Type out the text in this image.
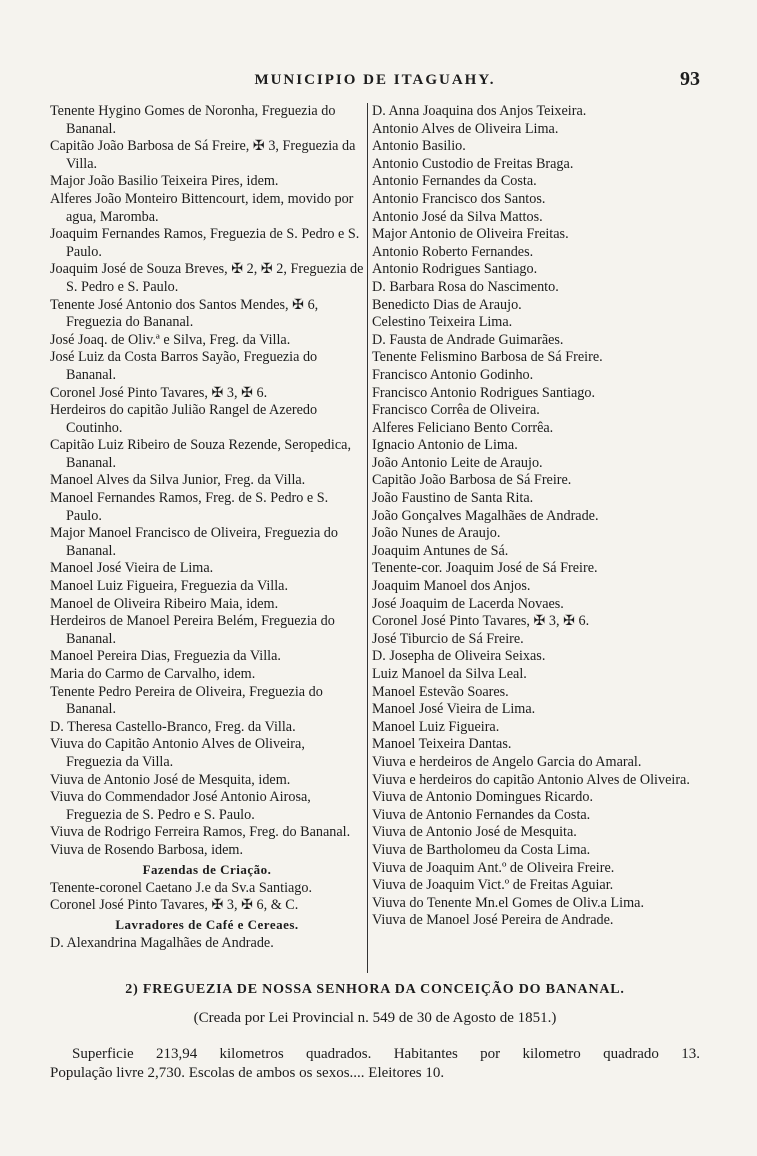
MUNICIPIO DE ITAGUAHY.	93
Tenente Hygino Gomes de Noronha, Freguezia do Bananal.
Capitão João Barbosa de Sá Freire, ✠ 3, Freguezia da Villa.
Major João Basilio Teixeira Pires, idem.
Alferes João Monteiro Bittencourt, idem, movido por agua, Maromba.
Joaquim Fernandes Ramos, Freguezia de S. Pedro e S. Paulo.
Joaquim José de Souza Breves, ✠ 2, ✠ 2, Freguezia de S. Pedro e S. Paulo.
Tenente José Antonio dos Santos Mendes, ✠ 6, Freguezia do Bananal.
José Joaq. de Oliv.ª e Silva, Freg. da Villa.
José Luiz da Costa Barros Sayão, Freguezia do Bananal.
Coronel José Pinto Tavares, ✠ 3, ✠ 6.
Herdeiros do capitão Julião Rangel de Azeredo Coutinho.
Capitão Luiz Ribeiro de Souza Rezende, Seropedica, Bananal.
Manoel Alves da Silva Junior, Freg. da Villa.
Manoel Fernandes Ramos, Freg. de S. Pedro e S. Paulo.
Major Manoel Francisco de Oliveira, Freguezia do Bananal.
Manoel José Vieira de Lima.
Manoel Luiz Figueira, Freguezia da Villa.
Manoel de Oliveira Ribeiro Maia, idem.
Herdeiros de Manoel Pereira Belém, Freguezia do Bananal.
Manoel Pereira Dias, Freguezia da Villa.
Maria do Carmo de Carvalho, idem.
Tenente Pedro Pereira de Oliveira, Freguezia do Bananal.
D. Theresa Castello-Branco, Freg. da Villa.
Viuva do Capitão Antonio Alves de Oliveira, Freguezia da Villa.
Viuva de Antonio José de Mesquita, idem.
Viuva do Commendador José Antonio Airosa, Freguezia de S. Pedro e S. Paulo.
Viuva de Rodrigo Ferreira Ramos, Freg. do Bananal.
Viuva de Rosendo Barbosa, idem.
Fazendas de Criação.
Tenente-coronel Caetano J.e da Sv.a Santiago.
Coronel José Pinto Tavares, ✠ 3, ✠ 6, & C.
Lavradores de Café e Cereaes.
D. Alexandrina Magalhães de Andrade.
D. Anna Joaquina dos Anjos Teixeira.
Antonio Alves de Oliveira Lima.
Antonio Basilio.
Antonio Custodio de Freitas Braga.
Antonio Fernandes da Costa.
Antonio Francisco dos Santos.
Antonio José da Silva Mattos.
Major Antonio de Oliveira Freitas.
Antonio Roberto Fernandes.
Antonio Rodrigues Santiago.
D. Barbara Rosa do Nascimento.
Benedicto Dias de Araujo.
Celestino Teixeira Lima.
D. Fausta de Andrade Guimarães.
Tenente Felismino Barbosa de Sá Freire.
Francisco Antonio Godinho.
Francisco Antonio Rodrigues Santiago.
Francisco Corrêa de Oliveira.
Alferes Feliciano Bento Corrêa.
Ignacio Antonio de Lima.
João Antonio Leite de Araujo.
Capitão João Barbosa de Sá Freire.
João Faustino de Santa Rita.
João Gonçalves Magalhães de Andrade.
João Nunes de Araujo.
Joaquim Antunes de Sá.
Tenente-cor. Joaquim José de Sá Freire.
Joaquim Manoel dos Anjos.
José Joaquim de Lacerda Novaes.
Coronel José Pinto Tavares, ✠ 3, ✠ 6.
José Tiburcio de Sá Freire.
D. Josepha de Oliveira Seixas.
Luiz Manoel da Silva Leal.
Manoel Estevão Soares.
Manoel José Vieira de Lima.
Manoel Luiz Figueira.
Manoel Teixeira Dantas.
Viuva e herdeiros de Angelo Garcia do Amaral.
Viuva e herdeiros do capitão Antonio Alves de Oliveira.
Viuva de Antonio Domingues Ricardo.
Viuva de Antonio Fernandes da Costa.
Viuva de Antonio José de Mesquita.
Viuva de Bartholomeu da Costa Lima.
Viuva de Joaquim Ant.º de Oliveira Freire.
Viuva de Joaquim Vict.º de Freitas Aguiar.
Viuva do Tenente Mn.el Gomes de Oliv.a Lima.
Viuva de Manoel José Pereira de Andrade.
2) FREGUEZIA DE NOSSA SENHORA DA CONCEIÇÃO DO BANANAL.
(Creada por Lei Provincial n. 549 de 30 de Agosto de 1851.)
Superficie 213,94 kilometros quadrados. Habitantes por kilometro quadrado 13.
População livre 2,730. Escolas de ambos os sexos.... Eleitores 10.
